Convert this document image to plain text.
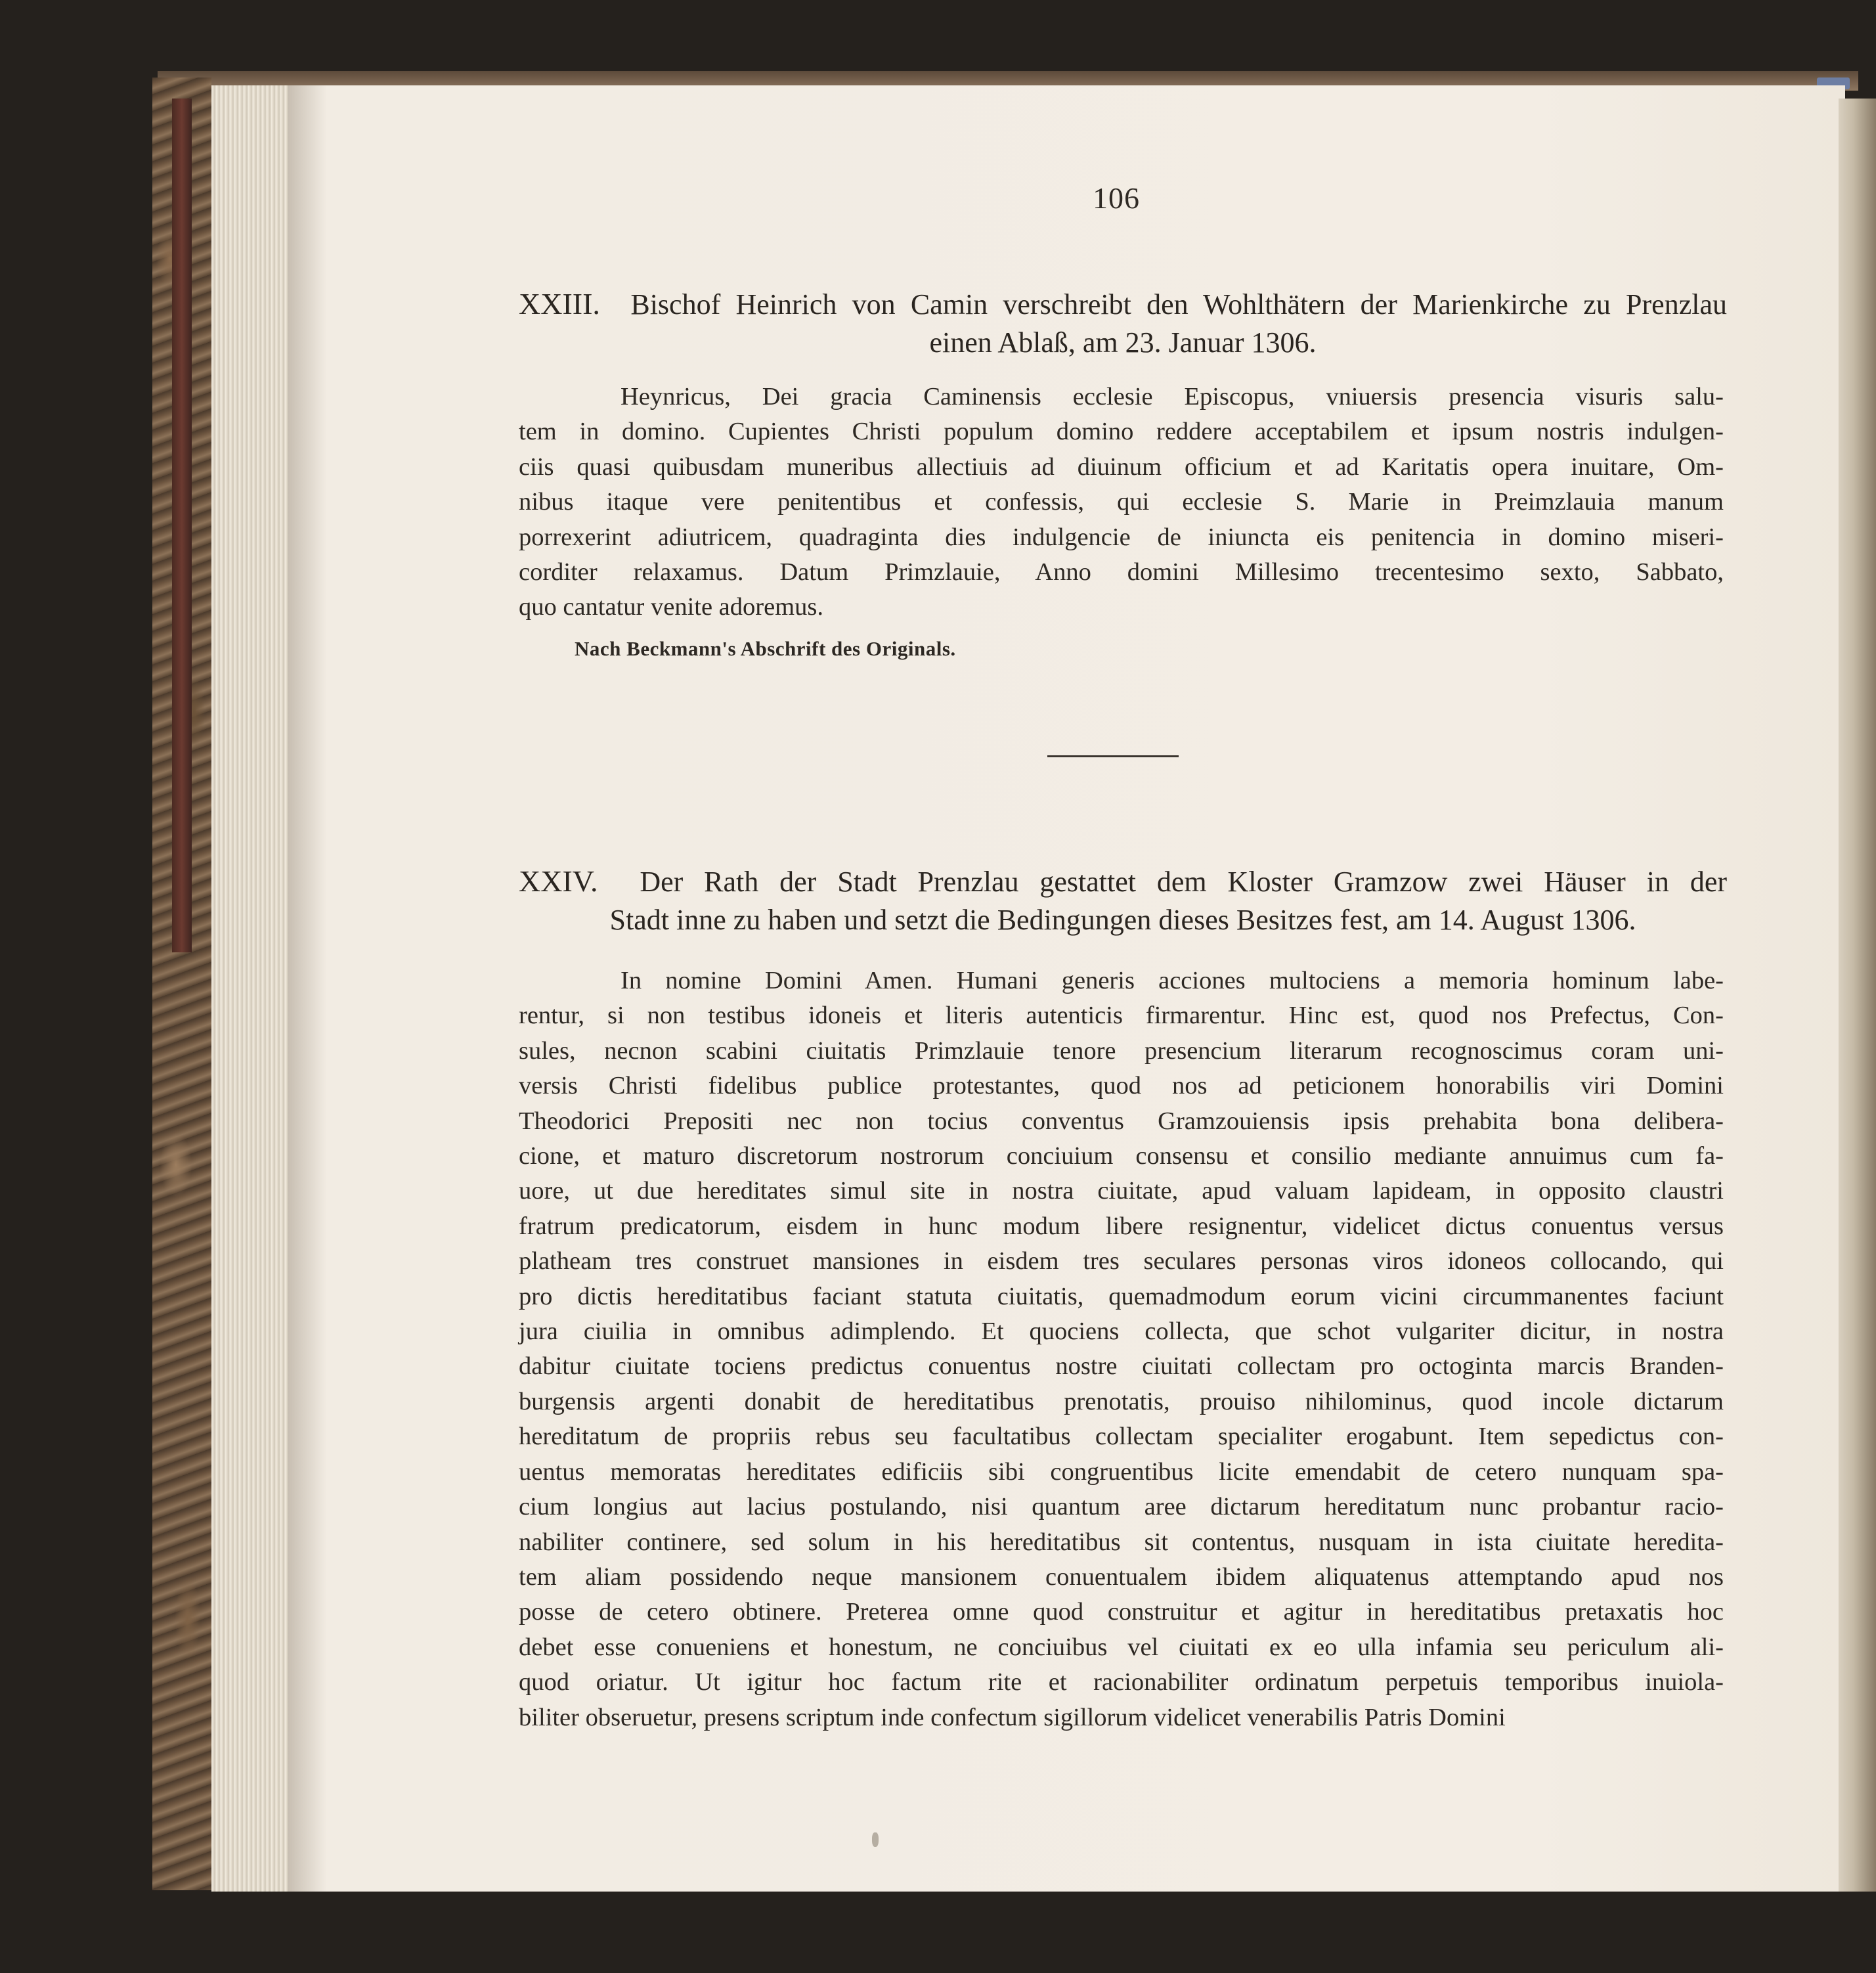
106
XXIII. Bischof Heinrich von Camin verschreibt den Wohlthätern der Marienkirche zu Prenzlau
einen Ablaß, am 23. Januar 1306.
Heynricus, Dei gracia Caminensis ecclesie Episcopus, vniuersis presencia visuris salu-
tem in domino. Cupientes Christi populum domino reddere acceptabilem et ipsum nostris indulgen-
ciis quasi quibusdam muneribus allectiuis ad diuinum officium et ad Karitatis opera inuitare, Om-
nibus itaque vere penitentibus et confessis, qui ecclesie S. Marie in Preimzlauia manum
porrexerint adiutricem, quadraginta dies indulgencie de iniuncta eis penitencia in domino miseri-
corditer relaxamus. Datum Primzlauie, Anno domini Millesimo trecentesimo sexto, Sabbato,
quo cantatur venite adoremus.
Nach Beckmann's Abschrift des Originals.
XXIV. Der Rath der Stadt Prenzlau gestattet dem Kloster Gramzow zwei Häuser in der
Stadt inne zu haben und setzt die Bedingungen dieses Besitzes fest, am 14. August 1306.
In nomine Domini Amen. Humani generis acciones multociens a memoria hominum labe-
rentur, si non testibus idoneis et literis autenticis firmarentur. Hinc est, quod nos Prefectus, Con-
sules, necnon scabini ciuitatis Primzlauie tenore presencium literarum recognoscimus coram uni-
versis Christi fidelibus publice protestantes, quod nos ad peticionem honorabilis viri Domini
Theodorici Prepositi nec non tocius conventus Gramzouiensis ipsis prehabita bona delibera-
cione, et maturo discretorum nostrorum conciuium consensu et consilio mediante annuimus cum fa-
uore, ut due hereditates simul site in nostra ciuitate, apud valuam lapideam, in opposito claustri
fratrum predicatorum, eisdem in hunc modum libere resignentur, videlicet dictus conuentus versus
platheam tres construet mansiones in eisdem tres seculares personas viros idoneos collocando, qui
pro dictis hereditatibus faciant statuta ciuitatis, quemadmodum eorum vicini circummanentes faciunt
jura ciuilia in omnibus adimplendo. Et quociens collecta, que schot vulgariter dicitur, in nostra
dabitur ciuitate tociens predictus conuentus nostre ciuitati collectam pro octoginta marcis Branden-
burgensis argenti donabit de hereditatibus prenotatis, prouiso nihilominus, quod incole dictarum
hereditatum de propriis rebus seu facultatibus collectam specialiter erogabunt. Item sepedictus con-
uentus memoratas hereditates edificiis sibi congruentibus licite emendabit de cetero nunquam spa-
cium longius aut lacius postulando, nisi quantum aree dictarum hereditatum nunc probantur racio-
nabiliter continere, sed solum in his hereditatibus sit contentus, nusquam in ista ciuitate heredita-
tem aliam possidendo neque mansionem conuentualem ibidem aliquatenus attemptando apud nos
posse de cetero obtinere. Preterea omne quod construitur et agitur in hereditatibus pretaxatis hoc
debet esse conueniens et honestum, ne conciuibus vel ciuitati ex eo ulla infamia seu periculum ali-
quod oriatur. Ut igitur hoc factum rite et racionabiliter ordinatum perpetuis temporibus inuiola-
biliter obseruetur, presens scriptum inde confectum sigillorum videlicet venerabilis Patris Domini
